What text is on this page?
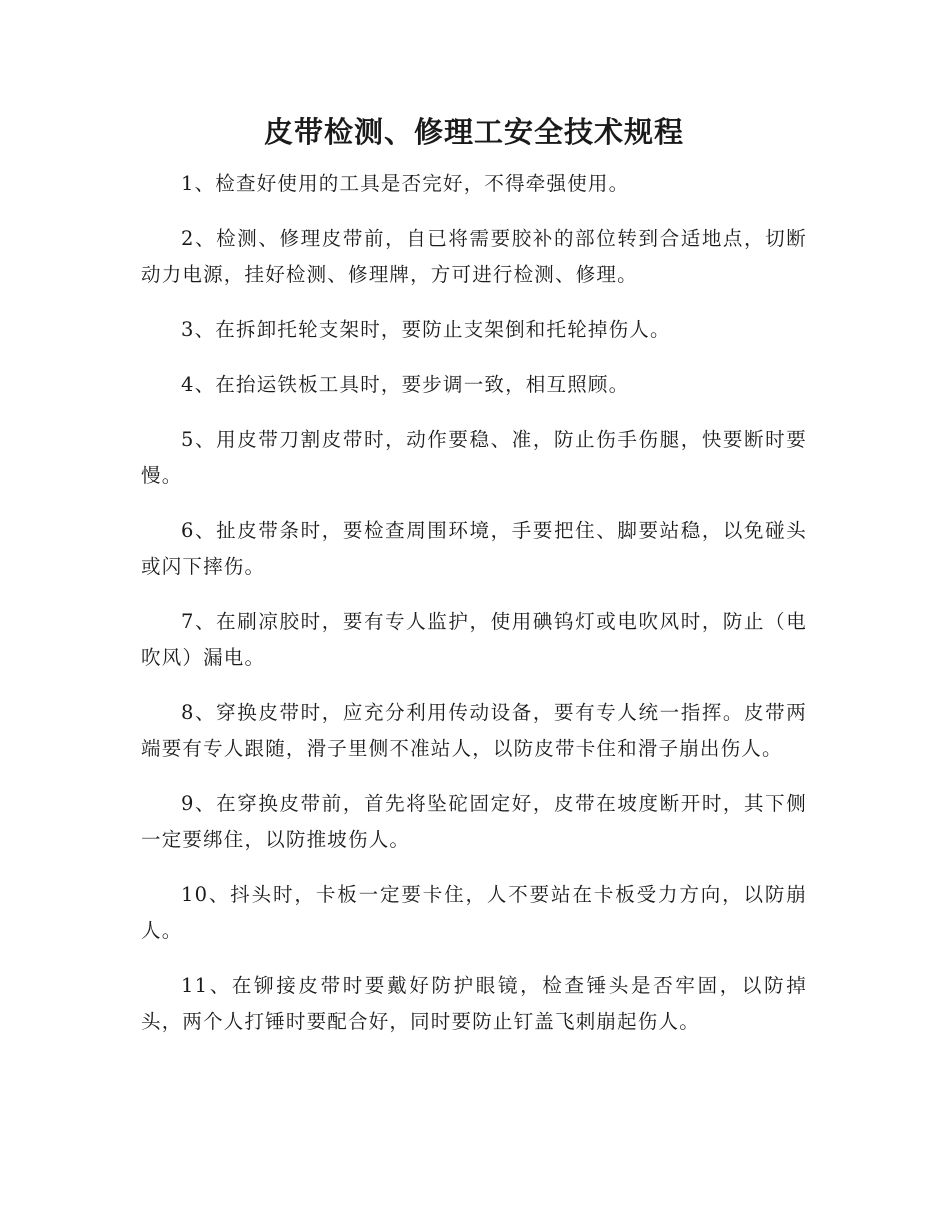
皮带检测、修理工安全技术规程
1、检查好使用的工具是否完好，不得牵强使用。
2、检测、修理皮带前，自已将需要胶补的部位转到合适地点，切断动力电源，挂好检测、修理牌，方可进行检测、修理。
3、在拆卸托轮支架时，要防止支架倒和托轮掉伤人。
4、在抬运铁板工具时，要步调一致，相互照顾。
5、用皮带刀割皮带时，动作要稳、准，防止伤手伤腿，快要断时要慢。
6、扯皮带条时，要检查周围环境，手要把住、脚要站稳，以免碰头或闪下摔伤。
7、在刷凉胶时，要有专人监护，使用碘钨灯或电吹风时，防止（电吹风）漏电。
8、穿换皮带时，应充分利用传动设备，要有专人统一指挥。皮带两端要有专人跟随，滑子里侧不准站人，以防皮带卡住和滑子崩出伤人。
9、在穿换皮带前，首先将坠砣固定好，皮带在坡度断开时，其下侧一定要绑住，以防推坡伤人。
10、抖头时，卡板一定要卡住，人不要站在卡板受力方向，以防崩人。
11、在铆接皮带时要戴好防护眼镜，检查锤头是否牢固，以防掉头，两个人打锤时要配合好，同时要防止钉盖飞刺崩起伤人。
